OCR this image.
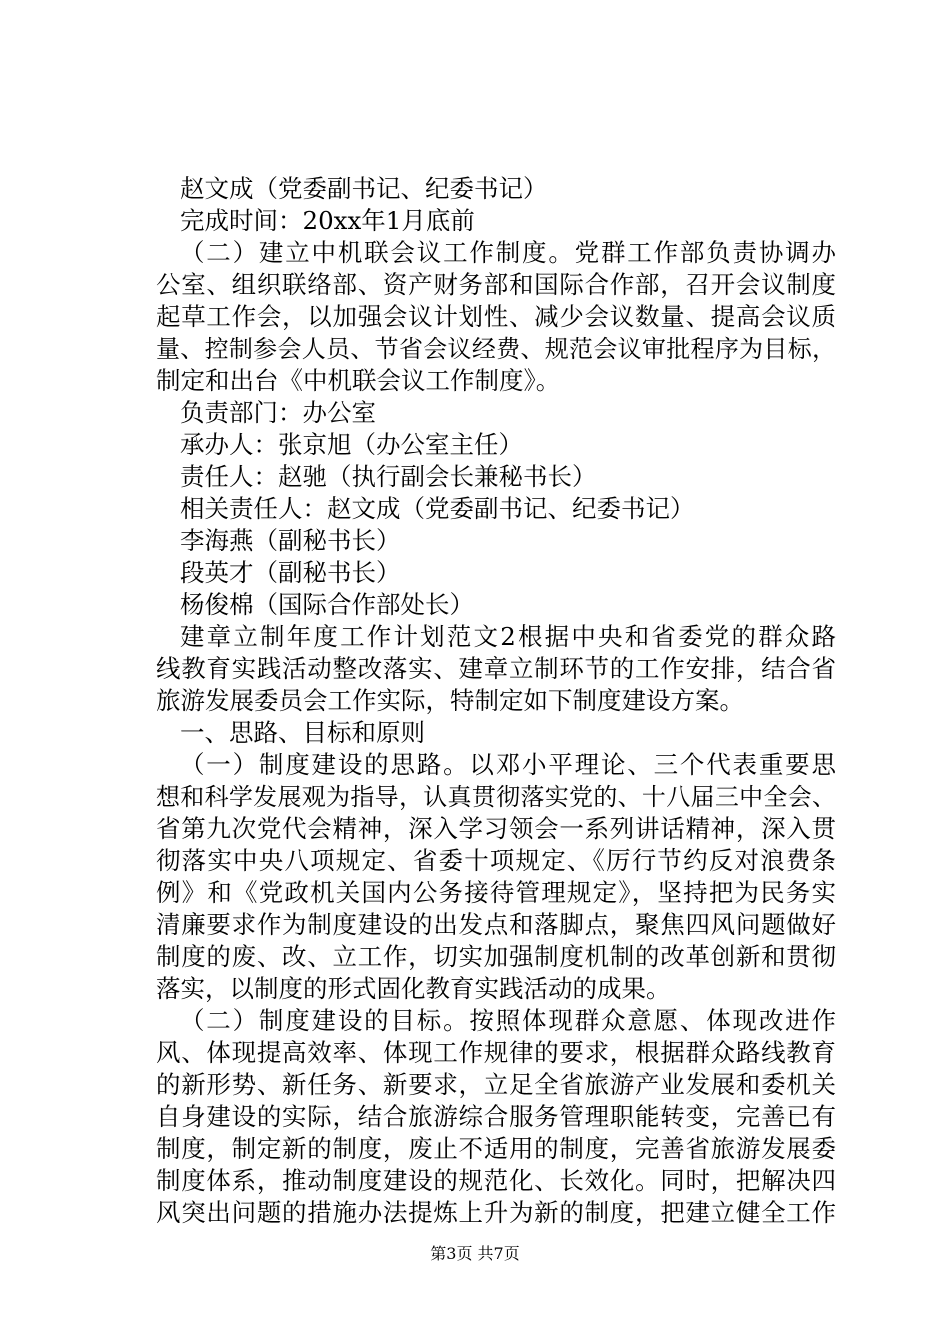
赵文成（党委副书记、纪委书记）
完成时间：20xx年1月底前
（二）建立中机联会议工作制度。党群工作部负责协调办
公室、组织联络部、资产财务部和国际合作部，召开会议制度
起草工作会，以加强会议计划性、减少会议数量、提高会议质
量、控制参会人员、节省会议经费、规范会议审批程序为目标，
制定和出台《中机联会议工作制度》。
负责部门：办公室
承办人：张京旭（办公室主任）
责任人：赵驰（执行副会长兼秘书长）
相关责任人：赵文成（党委副书记、纪委书记）
李海燕（副秘书长）
段英才（副秘书长）
杨俊棉（国际合作部处长）
建章立制年度工作计划范文2根据中央和省委党的群众路
线教育实践活动整改落实、建章立制环节的工作安排，结合省
旅游发展委员会工作实际，特制定如下制度建设方案。
一、思路、目标和原则
（一）制度建设的思路。以邓小平理论、三个代表重要思
想和科学发展观为指导，认真贯彻落实党的、十八届三中全会、
省第九次党代会精神，深入学习领会一系列讲话精神，深入贯
彻落实中央八项规定、省委十项规定、《厉行节约反对浪费条
例》和《党政机关国内公务接待管理规定》，坚持把为民务实
清廉要求作为制度建设的出发点和落脚点，聚焦四风问题做好
制度的废、改、立工作，切实加强制度机制的改革创新和贯彻
落实，以制度的形式固化教育实践活动的成果。
（二）制度建设的目标。按照体现群众意愿、体现改进作
风、体现提高效率、体现工作规律的要求，根据群众路线教育
的新形势、新任务、新要求，立足全省旅游产业发展和委机关
自身建设的实际，结合旅游综合服务管理职能转变，完善已有
制度，制定新的制度，废止不适用的制度，完善省旅游发展委
制度体系，推动制度建设的规范化、长效化。同时，把解决四
风突出问题的措施办法提炼上升为新的制度，把建立健全工作
第3页 共7页
